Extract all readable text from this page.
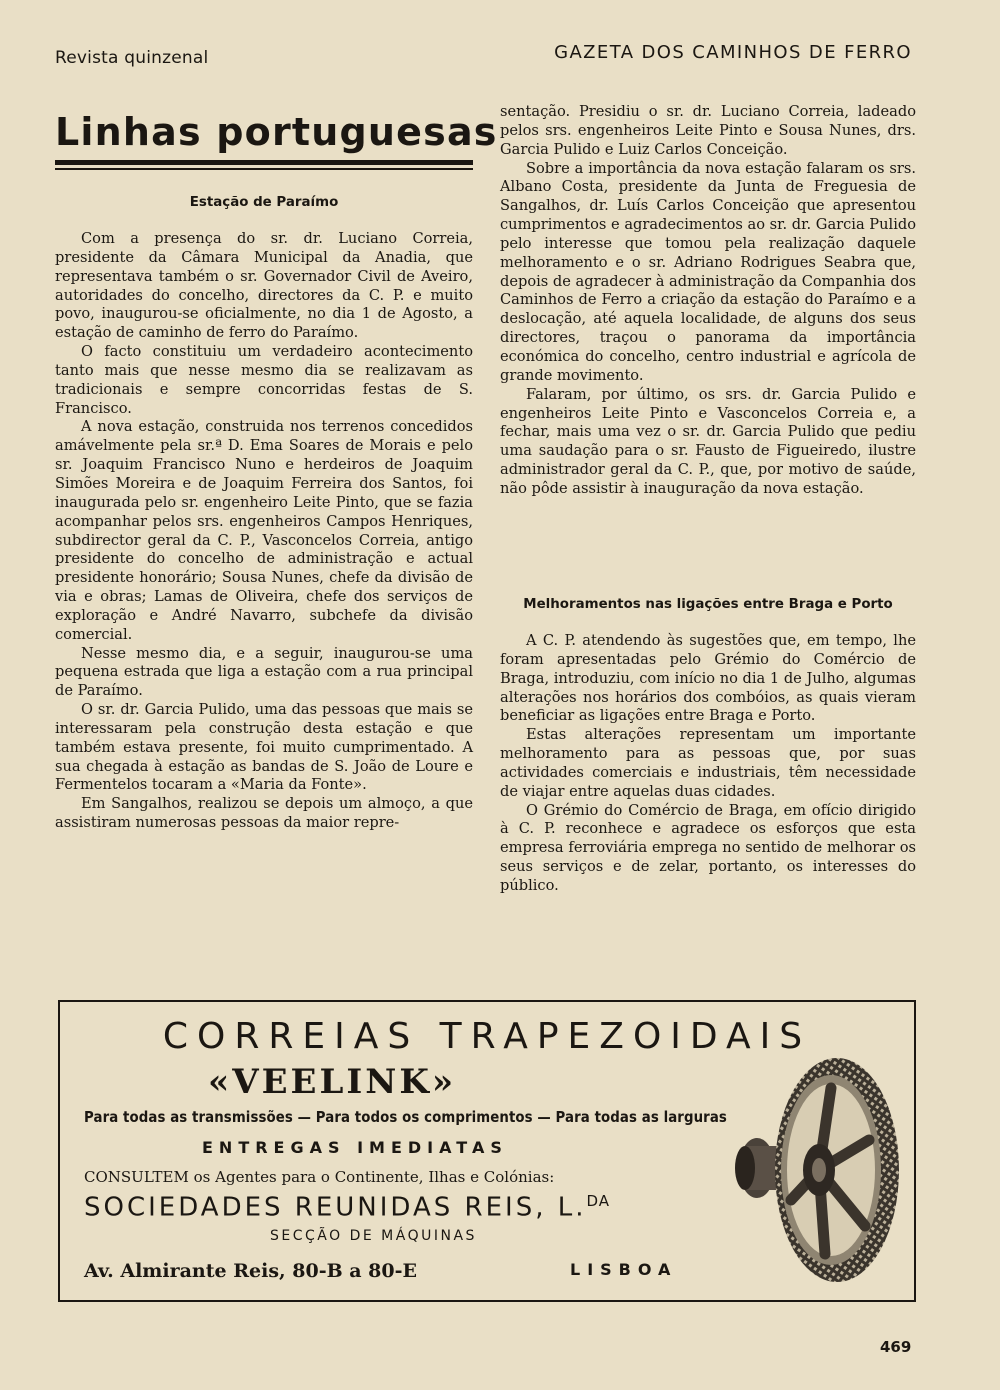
Revista quinzenal	GAZETA DOS CAMINHOS DE FERRO
Linhas portuguesas
Estação de Paraímo

Com a presença do sr. dr. Luciano Correia, presidente da Câmara Municipal da Anadia, que representava também o sr. Governador Civil de Aveiro, autoridades do concelho, directores da C. P. e muito povo, inaugurou-se oficialmente, no dia 1 de Agosto, a estação de caminho de ferro do Paraímo.

O facto constituiu um verdadeiro acontecimento tanto mais que nesse mesmo dia se realizavam as tradicionais e sempre concorridas festas de S. Francisco.

A nova estação, construida nos terrenos concedidos amávelmente pela sr.ª D. Ema Soares de Morais e pelo sr. Joaquim Francisco Nuno e herdeiros de Joaquim Simões Moreira e de Joaquim Ferreira dos Santos, foi inaugurada pelo sr. engenheiro Leite Pinto, que se fazia acompanhar pelos srs. engenheiros Campos Henriques, subdirector geral da C. P., Vasconcelos Correia, antigo presidente do concelho de administração e actual presidente honorário; Sousa Nunes, chefe da divisão de via e obras; Lamas de Oliveira, chefe dos serviços de exploração e André Navarro, subchefe da divisão comercial.

Nesse mesmo dia, e a seguir, inaugurou-se uma pequena estrada que liga a estação com a rua principal de Paraímo.

O sr. dr. Garcia Pulido, uma das pessoas que mais se interessaram pela construção desta estação e que também estava presente, foi muito cumprimentado. A sua chegada à estação as bandas de S. João de Loure e Fermentelos tocaram a «Maria da Fonte».

Em Sangalhos, realizou se depois um almoço, a que assistiram numerosas pessoas da maior repre-

sentação. Presidiu o sr. dr. Luciano Correia, ladeado pelos srs. engenheiros Leite Pinto e Sousa Nunes, drs. Garcia Pulido e Luiz Carlos Conceição.

Sobre a importância da nova estação falaram os srs. Albano Costa, presidente da Junta de Freguesia de Sangalhos, dr. Luís Carlos Conceição que apresentou cumprimentos e agradecimentos ao sr. dr. Garcia Pulido pelo interesse que tomou pela realização daquele melhoramento e o sr. Adriano Rodrigues Seabra que, depois de agradecer à administração da Companhia dos Caminhos de Ferro a criação da estação do Paraímo e a deslocação, até aquela localidade, de alguns dos seus directores, traçou o panorama da importância económica do concelho, centro industrial e agrícola de grande movimento.

Falaram, por último, os srs. dr. Garcia Pulido e engenheiros Leite Pinto e Vasconcelos Correia e, a fechar, mais uma vez o sr. dr. Garcia Pulido que pediu uma saudação para o sr. Fausto de Figueiredo, ilustre administrador geral da C. P., que, por motivo de saúde, não pôde assistir à inauguração da nova estação.

Melhoramentos nas ligações entre Braga e Porto

A C. P. atendendo às sugestões que, em tempo, lhe foram apresentadas pelo Grémio do Comércio de Braga, introduziu, com início no dia 1 de Julho, algumas alterações nos horários dos combóios, as quais vieram beneficiar as ligações entre Braga e Porto.

Estas alterações representam um importante melhoramento para as pessoas que, por suas actividades comerciais e industriais, têm necessidade de viajar entre aquelas duas cidades.

O Grémio do Comércio de Braga, em ofício dirigido à C. P. reconhece e agradece os esforços que esta empresa ferroviária emprega no sentido de melhorar os seus serviços e de zelar, portanto, os interesses do público.

CORREIAS TRAPEZOIDAIS
«VEELINK»
Para todas as transmissões — Para todos os comprimentos — Para todas as larguras
ENTREGAS IMEDIATAS
CONSULTEM os Agentes para o Continente, Ilhas e Colónias:
SOCIEDADES REUNIDAS REIS, L.$^{DA}$
SECÇÃO DE MÁQUINAS
Av. Almirante Reis, 80-B a 80-E	LISBOA
469
